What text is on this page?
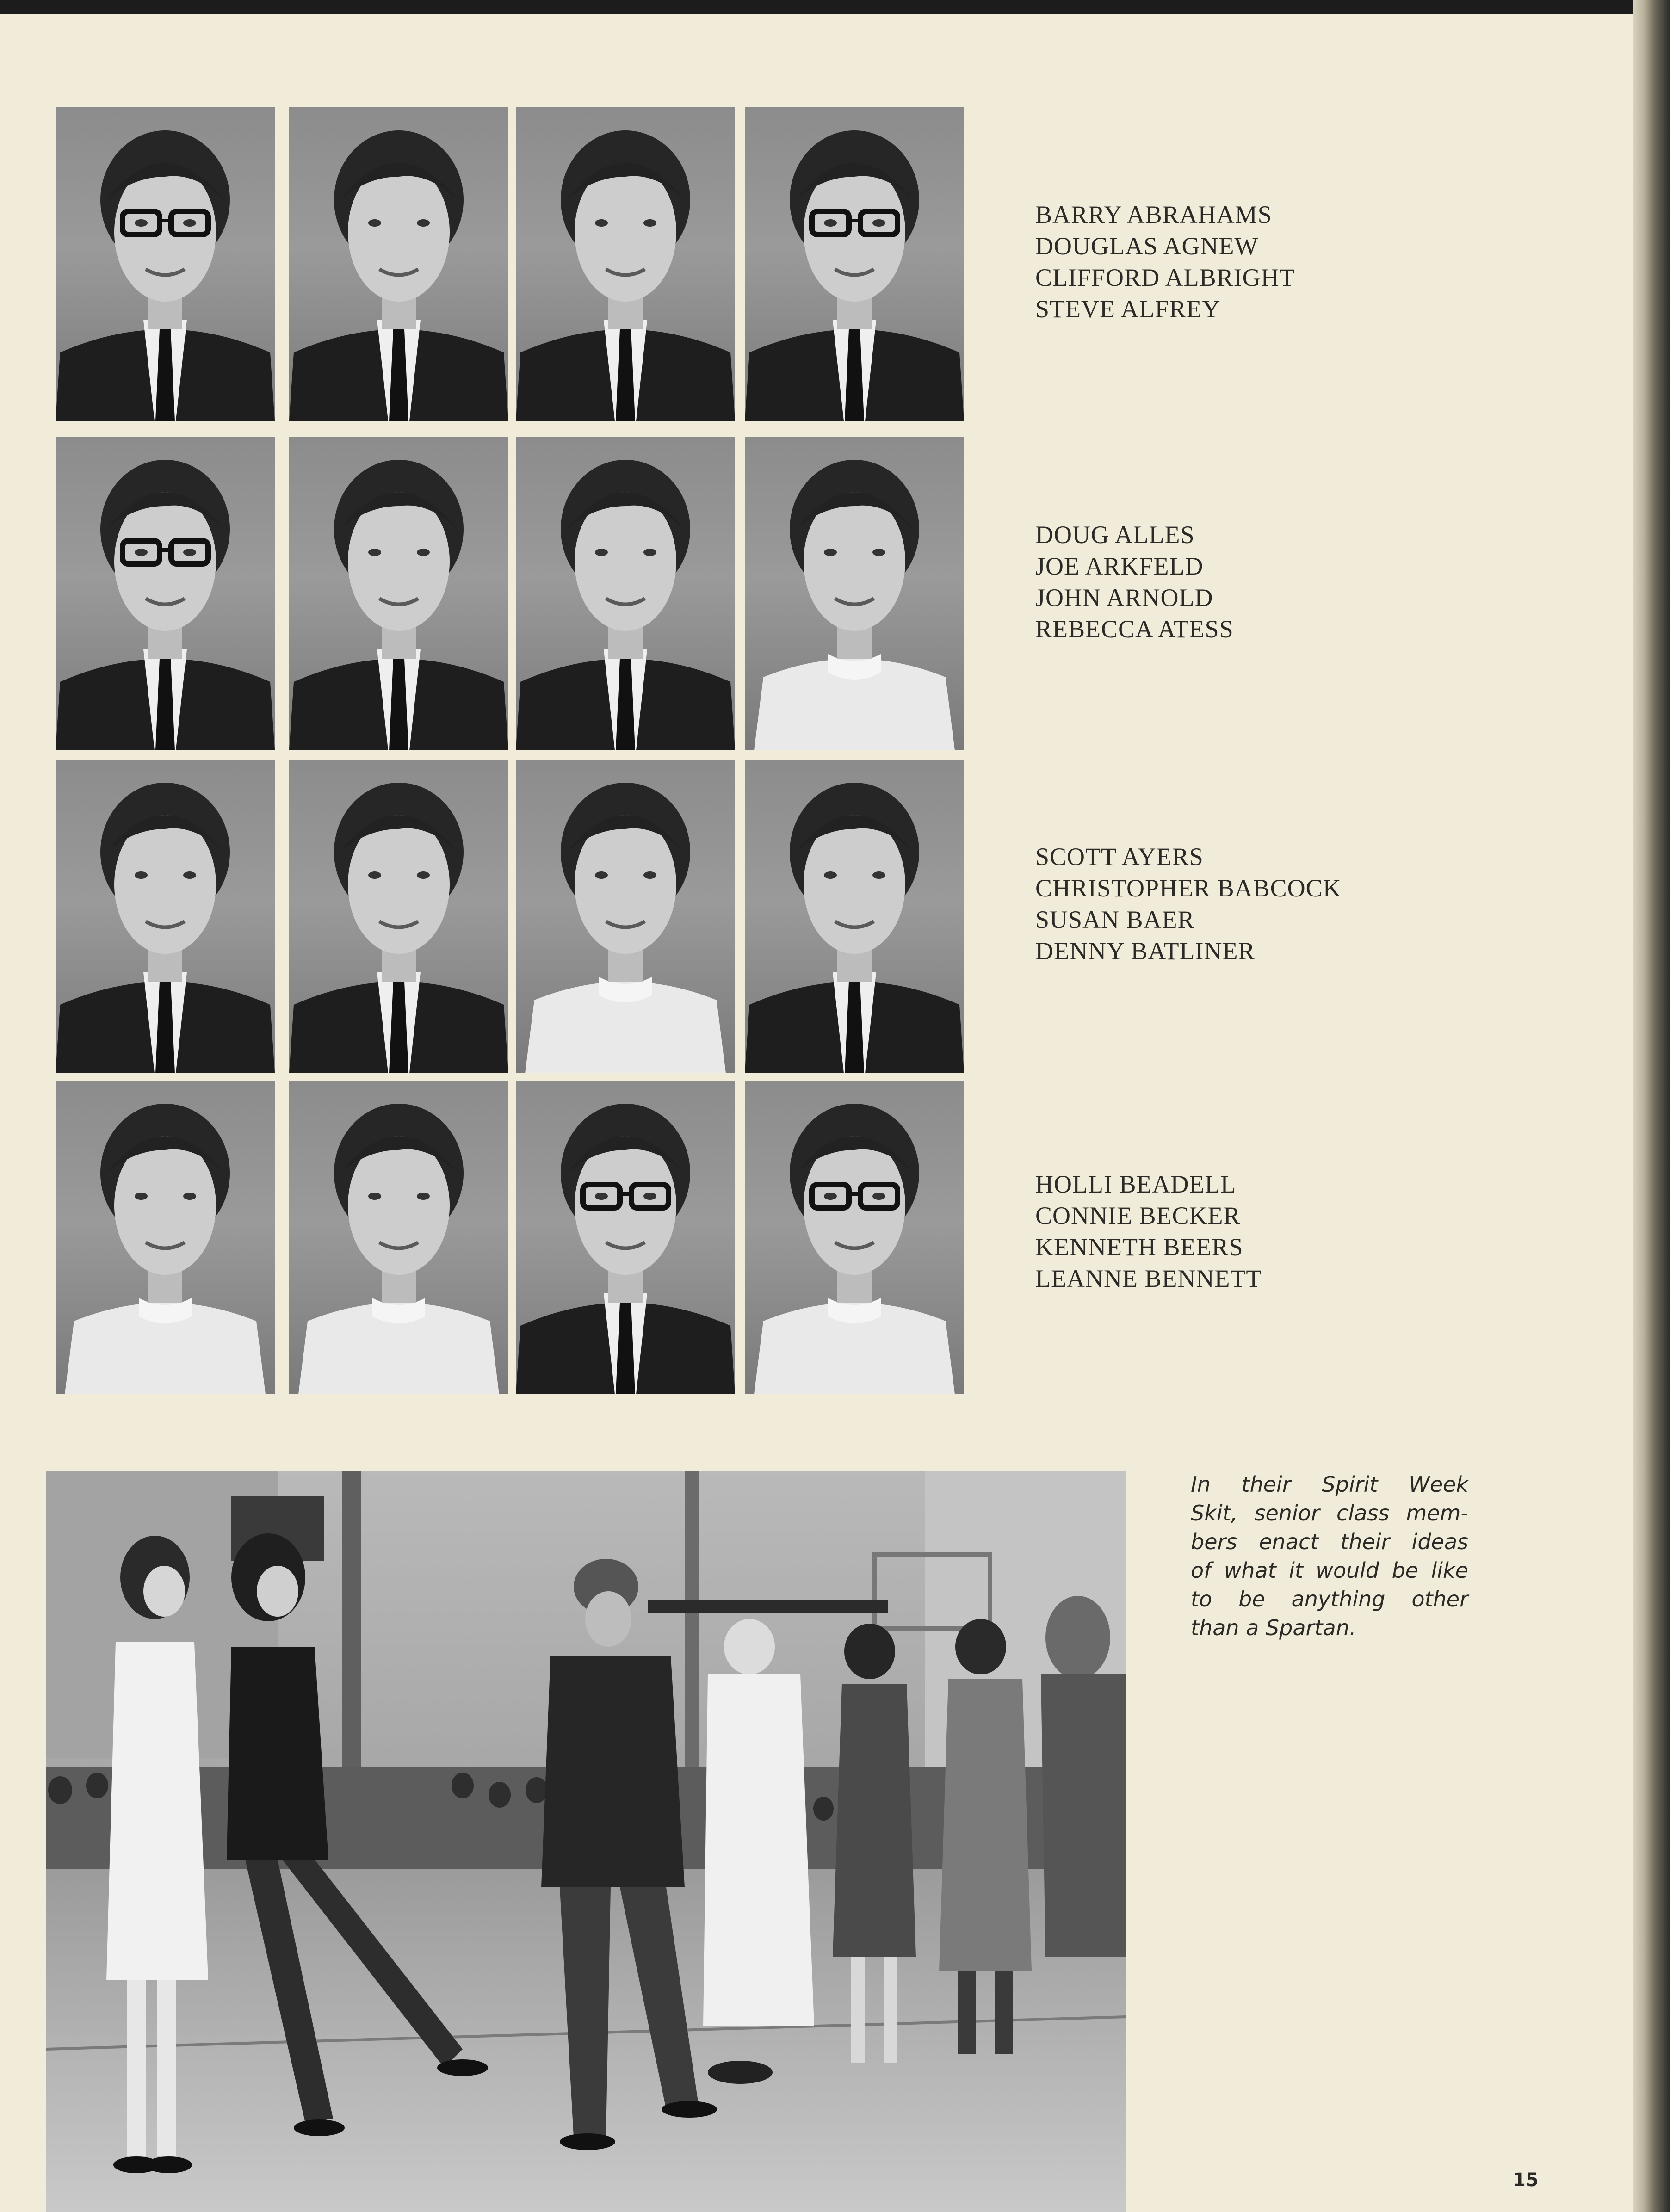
BARRY ABRAHAMS
DOUGLAS AGNEW
CLIFFORD ALBRIGHT
STEVE ALFREY
DOUG ALLES
JOE ARKFELD
JOHN ARNOLD
REBECCA ATESS
SCOTT AYERS
CHRISTOPHER BABCOCK
SUSAN BAER
DENNY BATLINER
HOLLI BEADELL
CONNIE BECKER
KENNETH BEERS
LEANNE BENNETT
In their Spirit Week
Skit, senior class mem-
bers enact their ideas
of what it would be like
to be anything other
than a Spartan.
15
